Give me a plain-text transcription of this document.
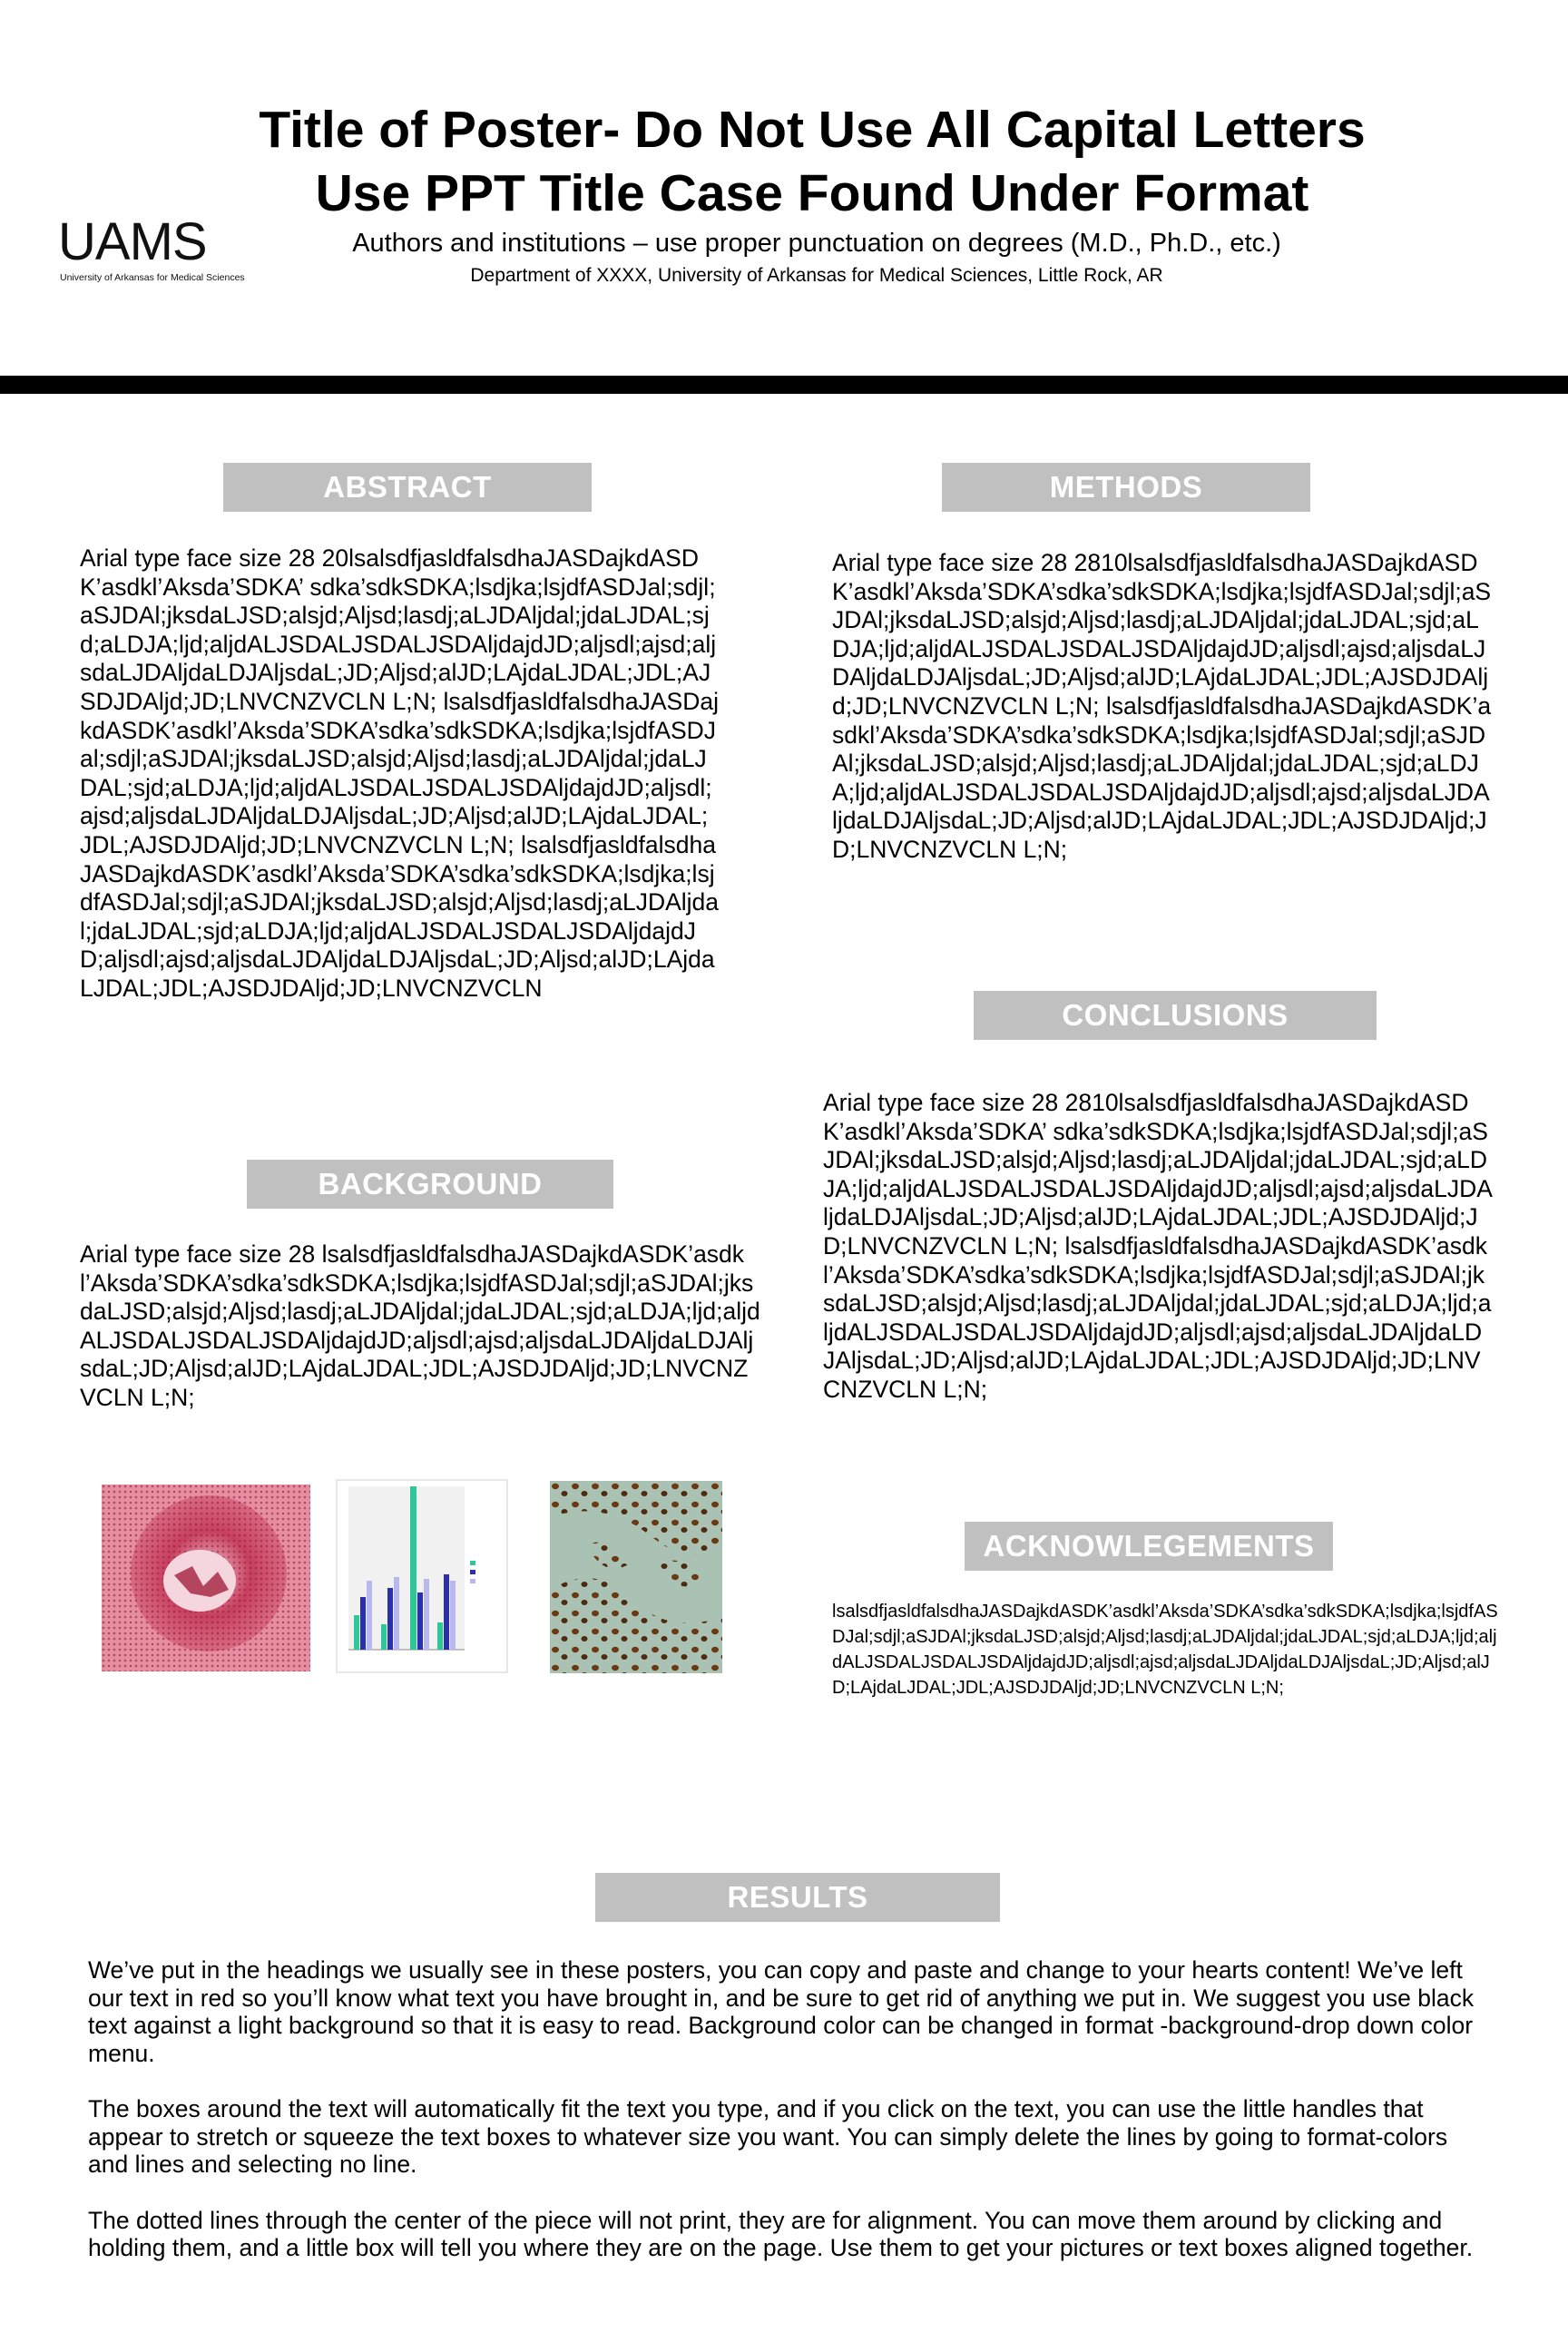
Title of Poster- Do Not Use All Capital Letters
Use PPT Title Case Found Under Format
Authors and institutions – use proper punctuation on degrees (M.D., Ph.D., etc.)
Department of XXXX, University of Arkansas for Medical Sciences, Little Rock, AR
UAMS
University of Arkansas for Medical Sciences
ABSTRACT
Arial type face size 28 20lsalsdfjasldfalsdhaJASDajkdASDK’asdkl’Aksda’SDKA’ sdka’sdkSDKA;lsdjka;lsjdfASDJal;sdjl;aSJDAl;jksdaLJSD;alsjd;Aljsd;lasdj;aLJDAljdal;jdaLJDAL;sjd;aLDJA;ljd;aljdALJSDALJSDALJSDAljdajdJD;aljsdl;ajsd;aljsdaLJDAljdaLDJAljsdaL;JD;Aljsd;alJD;LAjdaLJDAL;JDL;AJSDJDAljd;JD;LNVCNZVCLN L;N; lsalsdfjasldfalsdhaJASDajkdASDK’asdkl’Aksda’SDKA’sdka’sdkSDKA;lsdjka;lsjdfASDJal;sdjl;aSJDAl;jksdaLJSD;alsjd;Aljsd;lasdj;aLJDAljdal;jdaLJDAL;sjd;aLDJA;ljd;aljdALJSDALJSDALJSDAljdajdJD;aljsdl;ajsd;aljsdaLJDAljdaLDJAljsdaL;JD;Aljsd;alJD;LAjdaLJDAL;JDL;AJSDJDAljd;JD;LNVCNZVCLN L;N; lsalsdfjasldfalsdhaJASDajkdASDK’asdkl’Aksda’SDKA’sdka’sdkSDKA;lsdjka;lsjdfASDJal;sdjl;aSJDAl;jksdaLJSD;alsjd;Aljsd;lasdj;aLJDAljdal;jdaLJDAL;sjd;aLDJA;ljd;aljdALJSDALJSDALJSDAljdajdJD;aljsdl;ajsd;aljsdaLJDAljdaLDJAljsdaL;JD;Aljsd;alJD;LAjdaLJDAL;JDL;AJSDJDAljd;JD;LNVCNZVCLN
BACKGROUND
Arial type face size 28 lsalsdfjasldfalsdhaJASDajkdASDK’asdkl’Aksda’SDKA’sdka’sdkSDKA;lsdjka;lsjdfASDJal;sdjl;aSJDAl;jksdaLJSD;alsjd;Aljsd;lasdj;aLJDAljdal;jdaLJDAL;sjd;aLDJA;ljd;aljdALJSDALJSDALJSDAljdajdJD;aljsdl;ajsd;aljsdaLJDAljdaLDJAljsdaL;JD;Aljsd;alJD;LAjdaLJDAL;JDL;AJSDJDAljd;JD;LNVCNZVCLN L;N;
METHODS
Arial type face size 28 2810lsalsdfjasldfalsdhaJASDajkdASDK’asdkl’Aksda’SDKA’sdka’sdkSDKA;lsdjka;lsjdfASDJal;sdjl;aSJDAl;jksdaLJSD;alsjd;Aljsd;lasdj;aLJDAljdal;jdaLJDAL;sjd;aLDJA;ljd;aljdALJSDALJSDALJSDAljdajdJD;aljsdl;ajsd;aljsdaLJDAljdaLDJAljsdaL;JD;Aljsd;alJD;LAjdaLJDAL;JDL;AJSDJDAljd;JD;LNVCNZVCLN L;N; lsalsdfjasldfalsdhaJASDajkdASDK’asdkl’Aksda’SDKA’sdka’sdkSDKA;lsdjka;lsjdfASDJal;sdjl;aSJDAl;jksdaLJSD;alsjd;Aljsd;lasdj;aLJDAljdal;jdaLJDAL;sjd;aLDJA;ljd;aljdALJSDALJSDALJSDAljdajdJD;aljsdl;ajsd;aljsdaLJDAljdaLDJAljsdaL;JD;Aljsd;alJD;LAjdaLJDAL;JDL;AJSDJDAljd;JD;LNVCNZVCLN L;N;
CONCLUSIONS
Arial type face size 28 2810lsalsdfjasldfalsdhaJASDajkdASDK’asdkl’Aksda’SDKA’ sdka’sdkSDKA;lsdjka;lsjdfASDJal;sdjl;aSJDAl;jksdaLJSD;alsjd;Aljsd;lasdj;aLJDAljdal;jdaLJDAL;sjd;aLDJA;ljd;aljdALJSDALJSDALJSDAljdajdJD;aljsdl;ajsd;aljsdaLJDAljdaLDJAljsdaL;JD;Aljsd;alJD;LAjdaLJDAL;JDL;AJSDJDAljd;JD;LNVCNZVCLN L;N; lsalsdfjasldfalsdhaJASDajkdASDK’asdkl’Aksda’SDKA’sdka’sdkSDKA;lsdjka;lsjdfASDJal;sdjl;aSJDAl;jksdaLJSD;alsjd;Aljsd;lasdj;aLJDAljdal;jdaLJDAL;sjd;aLDJA;ljd;aljdALJSDALJSDALJSDAljdajdJD;aljsdl;ajsd;aljsdaLJDAljdaLDJAljsdaL;JD;Aljsd;alJD;LAjdaLJDAL;JDL;AJSDJDAljd;JD;LNVCNZVCLN L;N;
ACKNOWLEGEMENTS
lsalsdfjasldfalsdhaJASDajkdASDK’asdkl’Aksda’SDKA’sdka’sdkSDKA;lsdjka;lsjdfASDJal;sdjl;aSJDAl;jksdaLJSD;alsjd;Aljsd;lasdj;aLJDAljdal;jdaLJDAL;sjd;aLDJA;ljd;aljdALJSDALJSDALJSDAljdajdJD;aljsdl;ajsd;aljsdaLJDAljdaLDJAljsdaL;JD;Aljsd;alJD;LAjdaLJDAL;JDL;AJSDJDAljd;JD;LNVCNZVCLN L;N;
RESULTS

We’ve put in the headings we usually see in these posters, you can copy and paste and change to your hearts content! We’ve left our text in red so you’ll know what text you have brought in, and be sure to get rid of anything we put in. We suggest you use black text against a light background so that it is easy to read. Background color can be changed in format -background-drop down color menu.

The boxes around the text will automatically fit the text you type, and if you click on the text, you can use the little handles that appear to stretch or squeeze the text boxes to whatever size you want. You can simply delete the lines by going to format-colors and lines and selecting no line.

The dotted lines through the center of the piece will not print, they are for alignment. You can move them around by clicking and holding them, and a little box will tell you where they are on the page. Use them to get your pictures or text boxes aligned together.
